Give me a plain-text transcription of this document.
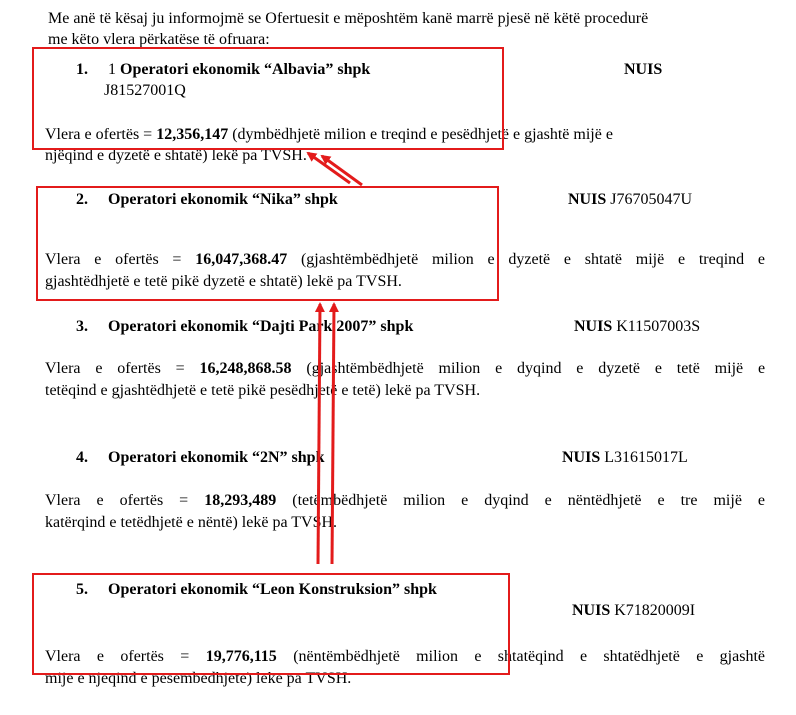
Me anë të kësaj ju informojmë se Ofertuesit e mëposhtëm kanë marrë pjesë në këtë procedurë
me këto vlera përkatëse të ofruara:
1. 1 Operatori ekonomik “Albavia” shpk	NUIS
J81527001Q
Vlera e ofertës = 12,356,147 (dymbëdhjetë milion e treqind e pesëdhjetë e gjashtë mijë e
njëqind e dyzetë e shtatë) lekë pa TVSH.
2. Operatori ekonomik “Nika” shpk	NUIS J76705047U
Vlera e ofertës = 16,047,368.47 (gjashtëmbëdhjetë milion e dyzetë e shtatë mijë e treqind e
gjashtëdhjetë e tetë pikë dyzetë e shtatë) lekë pa TVSH.
3. Operatori ekonomik “Dajti Park 2007” shpk	NUIS K11507003S
Vlera e ofertës = 16,248,868.58 (gjashtëmbëdhjetë milion e dyqind e dyzetë e tetë mijë e
tetëqind e gjashtëdhjetë e tetë pikë pesëdhjetë e tetë) lekë pa TVSH.
4. Operatori ekonomik “2N” shpk	NUIS L31615017L
Vlera e ofertës = 18,293,489 (tetëmbëdhjetë milion e dyqind e nëntëdhjetë e tre mijë e
katërqind e tetëdhjetë e nëntë) lekë pa TVSH.
5. Operatori ekonomik “Leon Konstruksion” shpk
NUIS K71820009I
Vlera e ofertës = 19,776,115 (nëntëmbëdhjetë milion e shtatëqind e shtatëdhjetë e gjashtë
mijë e njëqind e pesëmbëdhjetë) lekë pa TVSH.
